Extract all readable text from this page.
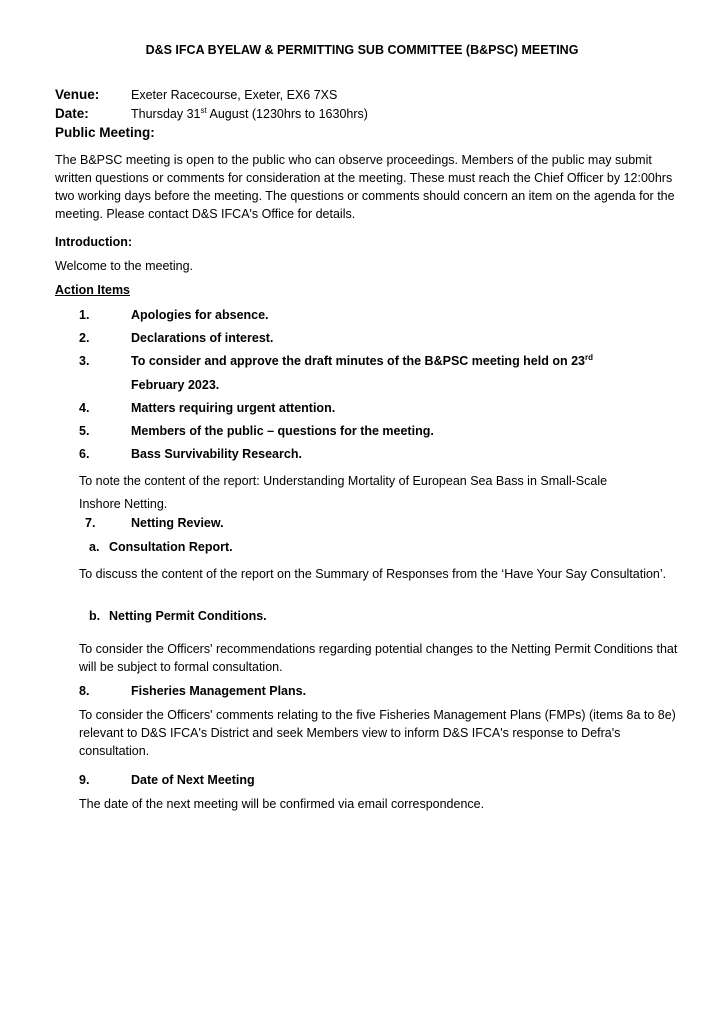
D&S IFCA BYELAW & PERMITTING SUB COMMITTEE (B&PSC) MEETING
Venue:	Exeter Racecourse, Exeter, EX6 7XS
Date:	Thursday 31st August (1230hrs to 1630hrs)
Public Meeting:
The B&PSC meeting is open to the public who can observe proceedings. Members of the public may submit written questions or comments for consideration at the meeting. These must reach the Chief Officer by 12:00hrs two working days before the meeting. The questions or comments should concern an item on the agenda for the meeting. Please contact D&S IFCA's Office for details.
Introduction:
Welcome to the meeting.
Action Items
1.	Apologies for absence.
2.	Declarations of interest.
3.	To consider and approve the draft minutes of the B&PSC meeting held on 23rd
February 2023.
4.	Matters requiring urgent attention.
5.	Members of the public – questions for the meeting.
6.	Bass Survivability Research.
To note the content of the report: Understanding Mortality of European Sea Bass in Small-Scale Inshore Netting.
7.	Netting Review.
a. Consultation Report.
To discuss the content of the report on the Summary of Responses from the ‘Have Your Say Consultation’.
b. Netting Permit Conditions.
To consider the Officers' recommendations regarding potential changes to the Netting Permit Conditions that will be subject to formal consultation.
8.	Fisheries Management Plans.
To consider the Officers' comments relating to the five Fisheries Management Plans (FMPs) (items 8a to 8e) relevant to D&S IFCA's District and seek Members view to inform D&S IFCA's response to Defra's consultation.
9.	Date of Next Meeting
The date of the next meeting will be confirmed via email correspondence.
